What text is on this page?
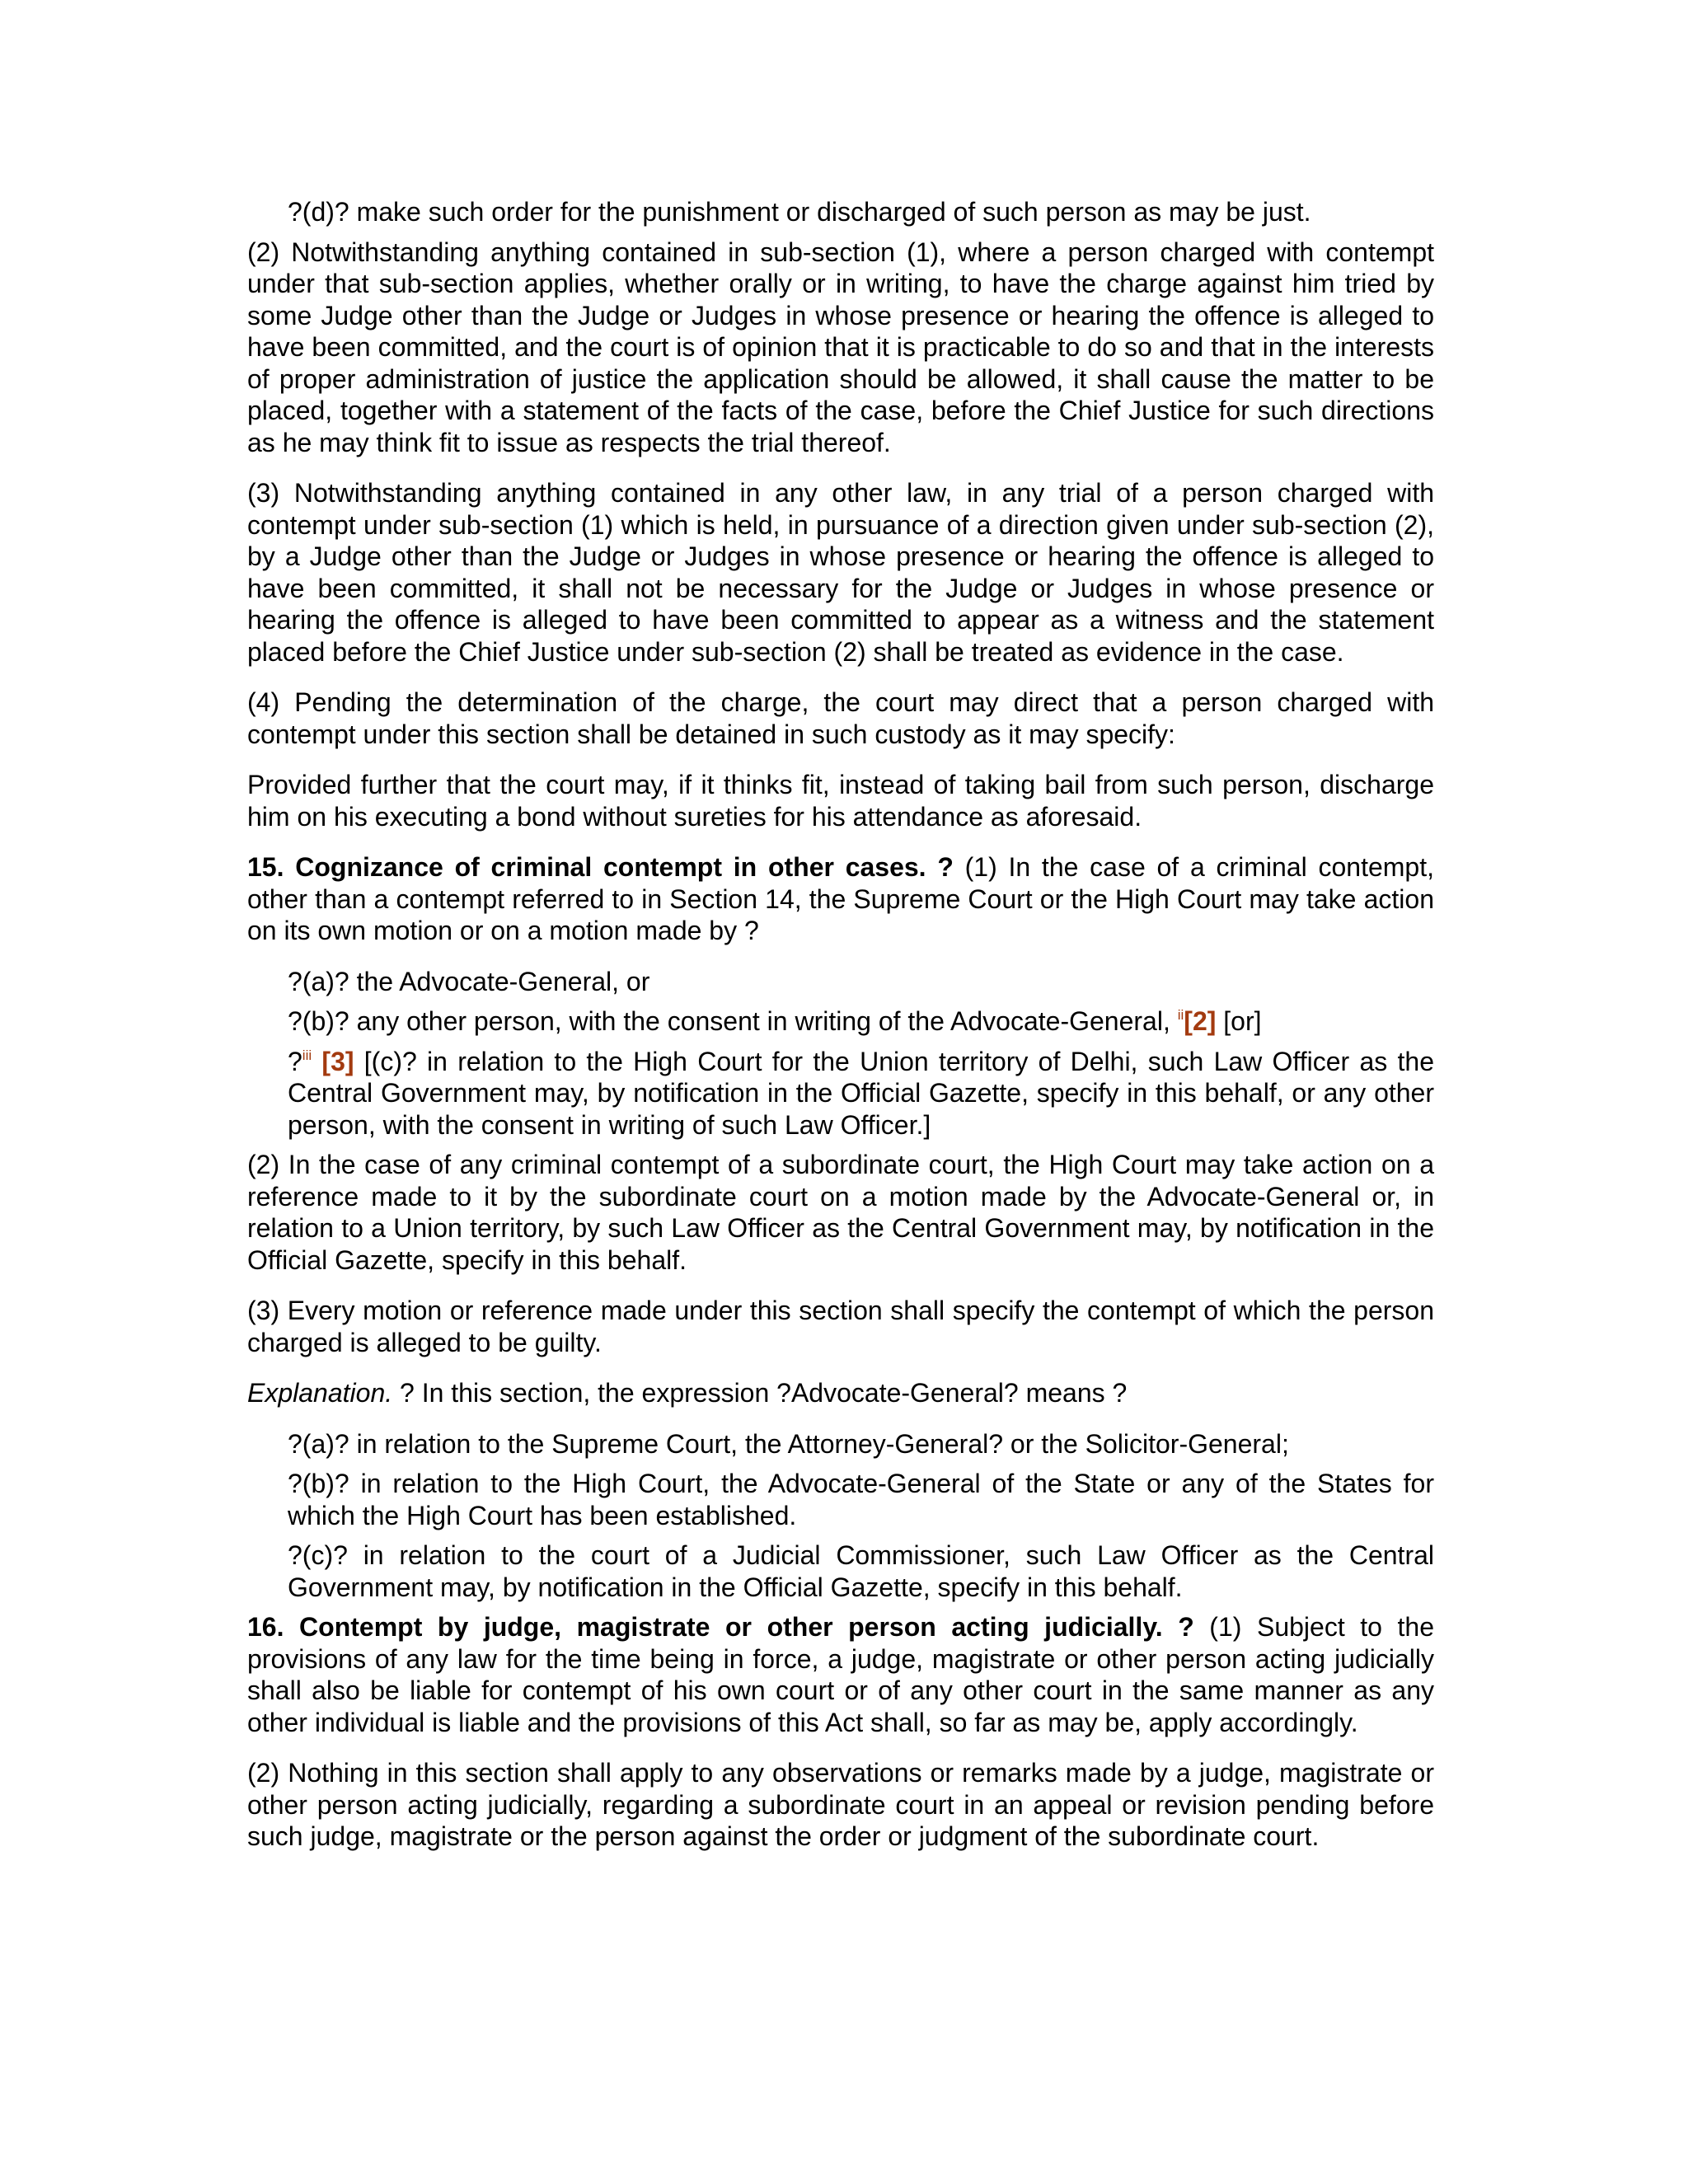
?(d)? make such order for the punishment or discharged of such person as may be just.

(2) Notwithstanding anything contained in sub-section (1), where a person charged with contempt under that sub-section applies, whether orally or in writing, to have the charge against him tried by some Judge other than the Judge or Judges in whose presence or hearing the offence is alleged to have been committed, and the court is of opinion that it is practicable to do so and that in the interests of proper administration of justice the application should be allowed, it shall cause the matter to be placed, together with a statement of the facts of the case, before the Chief Justice for such directions as he may think fit to issue as respects the trial thereof.

(3) Notwithstanding anything contained in any other law, in any trial of a person charged with contempt under sub-section (1) which is held, in pursuance of a direction given under sub-section (2), by a Judge other than the Judge or Judges in whose presence or hearing the offence is alleged to have been committed, it shall not be necessary for the Judge or Judges in whose presence or hearing the offence is alleged to have been committed to appear as a witness and the statement placed before the Chief Justice under sub-section (2) shall be treated as evidence in the case.

(4) Pending the determination of the charge, the court may direct that a person charged with contempt under this section shall be detained in such custody as it may specify:

Provided further that the court may, if it thinks fit, instead of taking bail from such person, discharge him on his executing a bond without sureties for his attendance as aforesaid.

15. Cognizance of criminal contempt in other cases. ? (1) In the case of a criminal contempt, other than a contempt referred to in Section 14, the Supreme Court or the High Court may take action on its own motion or on a motion made by ?

?(a)? the Advocate-General, or

?(b)? any other person, with the consent in writing of the Advocate-General, $^{ii}$[2] [or]

?$^{iii}$ [3] [(c)? in relation to the High Court for the Union territory of Delhi, such Law Officer as the Central Government may, by notification in the Official Gazette, specify in this behalf, or any other person, with the consent in writing of such Law Officer.]

(2) In the case of any criminal contempt of a subordinate court, the High Court may take action on a reference made to it by the subordinate court on a motion made by the Advocate-General or, in relation to a Union territory, by such Law Officer as the Central Government may, by notification in the Official Gazette, specify in this behalf.

(3) Every motion or reference made under this section shall specify the contempt of which the person charged is alleged to be guilty.

Explanation. ? In this section, the expression ?Advocate-General? means ?

?(a)? in relation to the Supreme Court, the Attorney-General? or the Solicitor-General;

?(b)? in relation to the High Court, the Advocate-General of the State or any of the States for which the High Court has been established.

?(c)? in relation to the court of a Judicial Commissioner, such Law Officer as the Central Government may, by notification in the Official Gazette, specify in this behalf.

16. Contempt by judge, magistrate or other person acting judicially. ? (1) Subject to the provisions of any law for the time being in force, a judge, magistrate or other person acting judicially shall also be liable for contempt of his own court or of any other court in the same manner as any other individual is liable and the provisions of this Act shall, so far as may be, apply accordingly.

(2) Nothing in this section shall apply to any observations or remarks made by a judge, magistrate or other person acting judicially, regarding a subordinate court in an appeal or revision pending before such judge, magistrate or the person against the order or judgment of the subordinate court.
